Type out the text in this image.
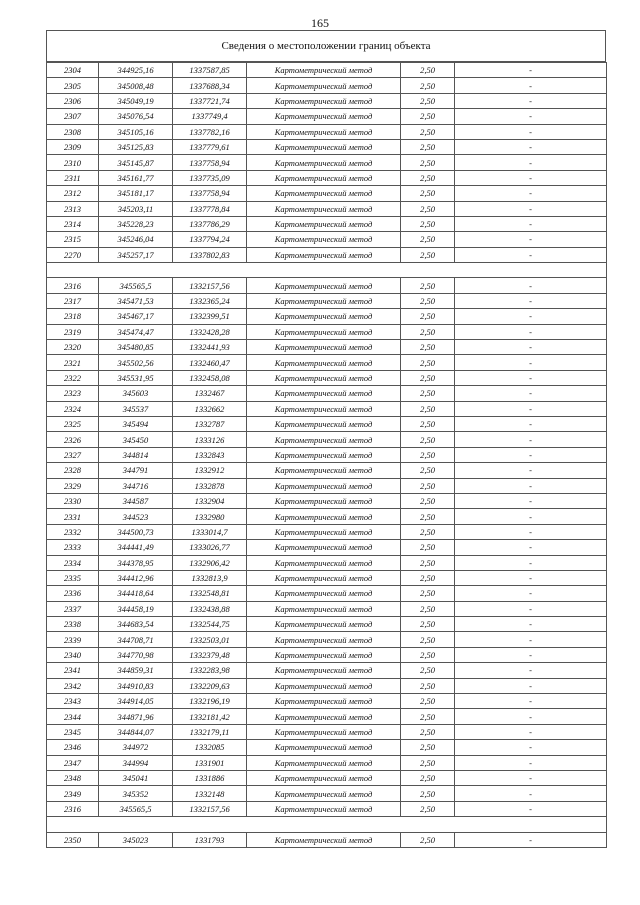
165
Сведения о местоположении границ объекта
2304	344925,16	1337587,85	Картометрический метод	2,50	-
2305	345008,48	1337688,34	Картометрический метод	2,50	-
2306	345049,19	1337721,74	Картометрический метод	2,50	-
2307	345076,54	1337749,4	Картометрический метод	2,50	-
2308	345105,16	1337782,16	Картометрический метод	2,50	-
2309	345125,83	1337779,61	Картометрический метод	2,50	-
2310	345145,87	1337758,94	Картометрический метод	2,50	-
2311	345161,77	1337735,09	Картометрический метод	2,50	-
2312	345181,17	1337758,94	Картометрический метод	2,50	-
2313	345203,11	1337778,84	Картометрический метод	2,50	-
2314	345228,23	1337786,29	Картометрический метод	2,50	-
2315	345246,04	1337794,24	Картометрический метод	2,50	-
2270	345257,17	1337802,83	Картометрический метод	2,50	-

2316	345565,5	1332157,56	Картометрический метод	2,50	-
2317	345471,53	1332365,24	Картометрический метод	2,50	-
2318	345467,17	1332399,51	Картометрический метод	2,50	-
2319	345474,47	1332428,28	Картометрический метод	2,50	-
2320	345480,85	1332441,93	Картометрический метод	2,50	-
2321	345502,56	1332460,47	Картометрический метод	2,50	-
2322	345531,95	1332458,08	Картометрический метод	2,50	-
2323	345603	1332467	Картометрический метод	2,50	-
2324	345537	1332662	Картометрический метод	2,50	-
2325	345494	1332787	Картометрический метод	2,50	-
2326	345450	1333126	Картометрический метод	2,50	-
2327	344814	1332843	Картометрический метод	2,50	-
2328	344791	1332912	Картометрический метод	2,50	-
2329	344716	1332878	Картометрический метод	2,50	-
2330	344587	1332904	Картометрический метод	2,50	-
2331	344523	1332980	Картометрический метод	2,50	-
2332	344500,73	1333014,7	Картометрический метод	2,50	-
2333	344441,49	1333026,77	Картометрический метод	2,50	-
2334	344378,95	1332906,42	Картометрический метод	2,50	-
2335	344412,96	1332813,9	Картометрический метод	2,50	-
2336	344418,64	1332548,81	Картометрический метод	2,50	-
2337	344458,19	1332438,88	Картометрический метод	2,50	-
2338	344683,54	1332544,75	Картометрический метод	2,50	-
2339	344708,71	1332503,01	Картометрический метод	2,50	-
2340	344770,98	1332379,48	Картометрический метод	2,50	-
2341	344859,31	1332283,98	Картометрический метод	2,50	-
2342	344910,83	1332209,63	Картометрический метод	2,50	-
2343	344914,05	1332196,19	Картометрический метод	2,50	-
2344	344871,96	1332181,42	Картометрический метод	2,50	-
2345	344844,07	1332179,11	Картометрический метод	2,50	-
2346	344972	1332085	Картометрический метод	2,50	-
2347	344994	1331901	Картометрический метод	2,50	-
2348	345041	1331886	Картометрический метод	2,50	-
2349	345352	1332148	Картометрический метод	2,50	-
2316	345565,5	1332157,56	Картометрический метод	2,50	-

2350	345023	1331793	Картометрический метод	2,50	-
